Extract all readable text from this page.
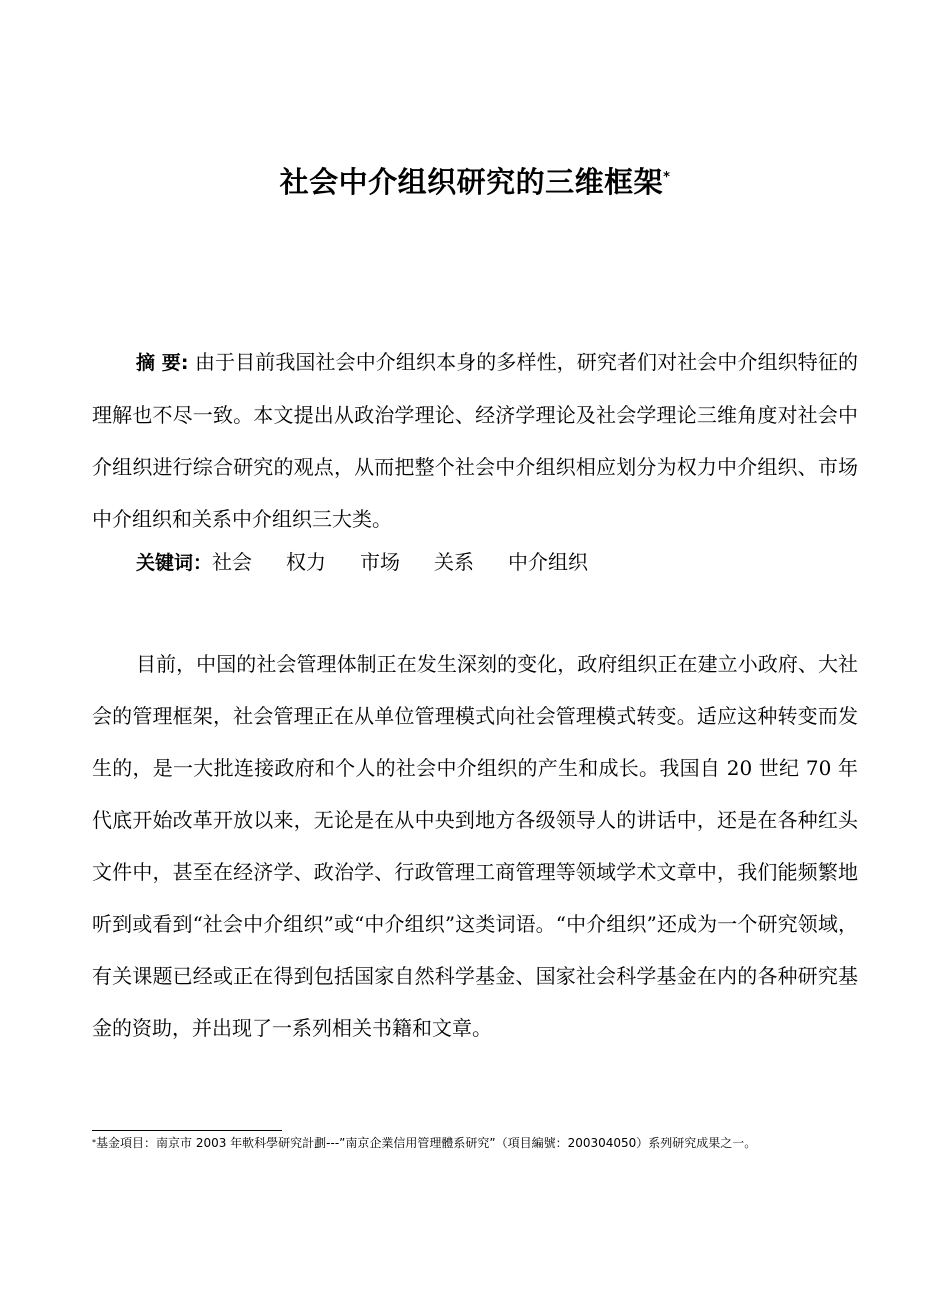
社会中介组织研究的三维框架*

摘 要: 由于目前我国社会中介组织本身的多样性，研究者们对社会中介组织特征的理解也不尽一致。本文提出从政治学理论、经济学理论及社会学理论三维角度对社会中介组织进行综合研究的观点，从而把整个社会中介组织相应划分为权力中介组织、市场中介组织和关系中介组织三大类。

关键词：社会 权力 市场 关系 中介组织

目前，中国的社会管理体制正在发生深刻的变化，政府组织正在建立小政府、大社会的管理框架，社会管理正在从单位管理模式向社会管理模式转变。适应这种转变而发生的，是一大批连接政府和个人的社会中介组织的产生和成长。我国自 20 世纪 70 年代底开始改革开放以来，无论是在从中央到地方各级领导人的讲话中，还是在各种红头文件中，甚至在经济学、政治学、行政管理工商管理等领域学术文章中，我们能频繁地听到或看到“社会中介组织”或“中介组织”这类词语。“中介组织”还成为一个研究领域，有关课题已经或正在得到包括国家自然科学基金、国家社会科学基金在内的各种研究基金的资助，并出现了一系列相关书籍和文章。

*基金項目：南京市 2003 年軟科學研究計劃---”南京企業信用管理體系研究”（項目編號：200304050）系列研究成果之一。
